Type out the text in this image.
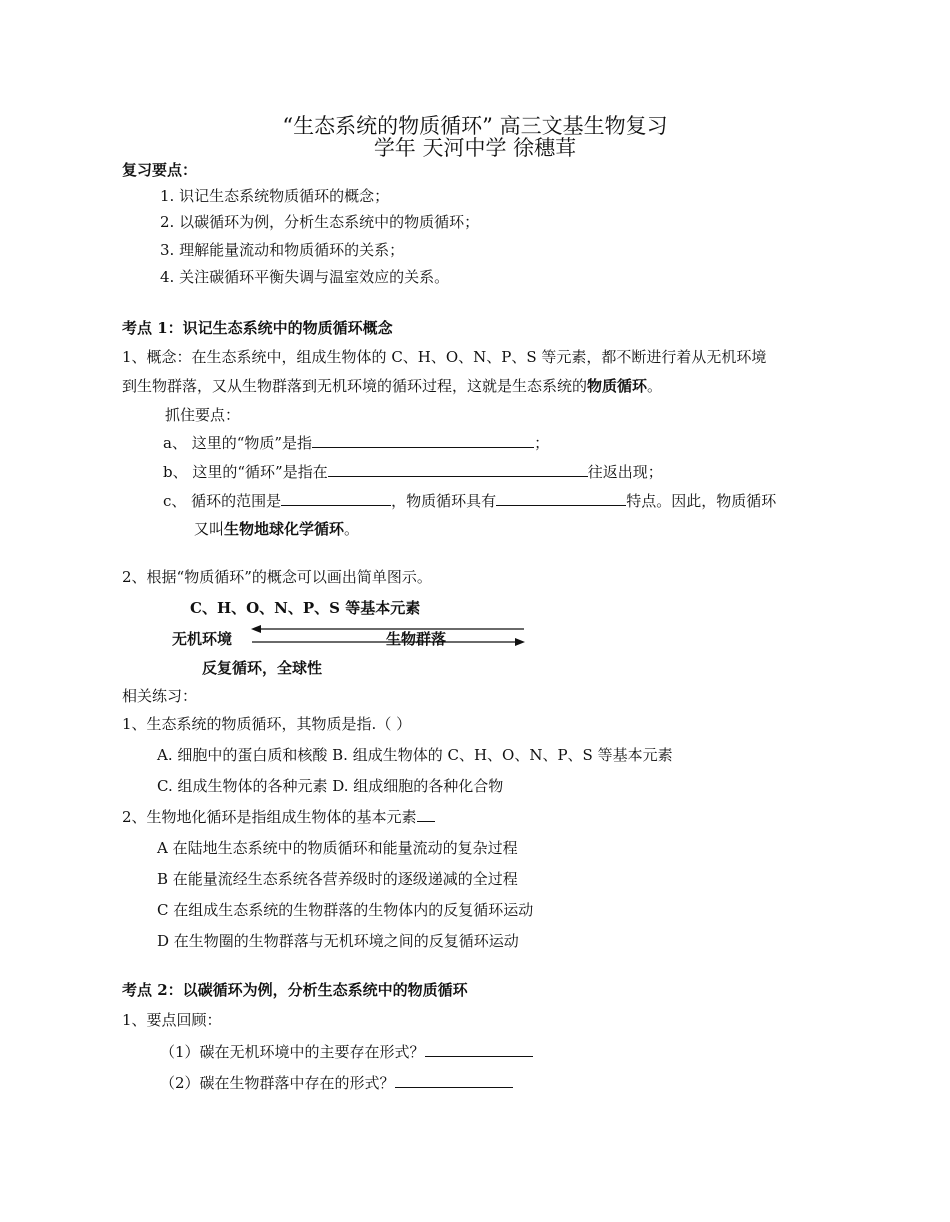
“生态系统的物质循环” 高三文基生物复习
学年 天河中学 徐穗茸
复习要点：
1. 识记生态系统物质循环的概念；
2. 以碳循环为例，分析生态系统中的物质循环；
3. 理解能量流动和物质循环的关系；
4. 关注碳循环平衡失调与温室效应的关系。
考点 1：识记生态系统中的物质循环概念
1、概念：在生态系统中，组成生物体的 C、H、O、N、P、S 等元素，都不断进行着从无机环境
到生物群落，又从生物群落到无机环境的循环过程，这就是生态系统的物质循环。
抓住要点：
a、 这里的“物质”是指	；
b、 这里的“循环”是指在	往返出现；
c、 循环的范围是	，物质循环具有	特点。因此，物质循环
又叫生物地球化学循环。
2、根据“物质循环”的概念可以画出简单图示。
C、H、O、N、P、S 等基本元素
无机环境	生物群落
反复循环，全球性
相关练习：
1、生态系统的物质循环，其物质是指.（ ）
A. 细胞中的蛋白质和核酸 B. 组成生物体的 C、H、O、N、P、S 等基本元素
C. 组成生物体的各种元素 D. 组成细胞的各种化合物
2、生物地化循环是指组成生物体的基本元素
A 在陆地生态系统中的物质循环和能量流动的复杂过程
B 在能量流经生态系统各营养级时的逐级递减的全过程
C 在组成生态系统的生物群落的生物体内的反复循环运动
D 在生物圈的生物群落与无机环境之间的反复循环运动
考点 2：以碳循环为例，分析生态系统中的物质循环
1、要点回顾：
（1）碳在无机环境中的主要存在形式？
（2）碳在生物群落中存在的形式？
